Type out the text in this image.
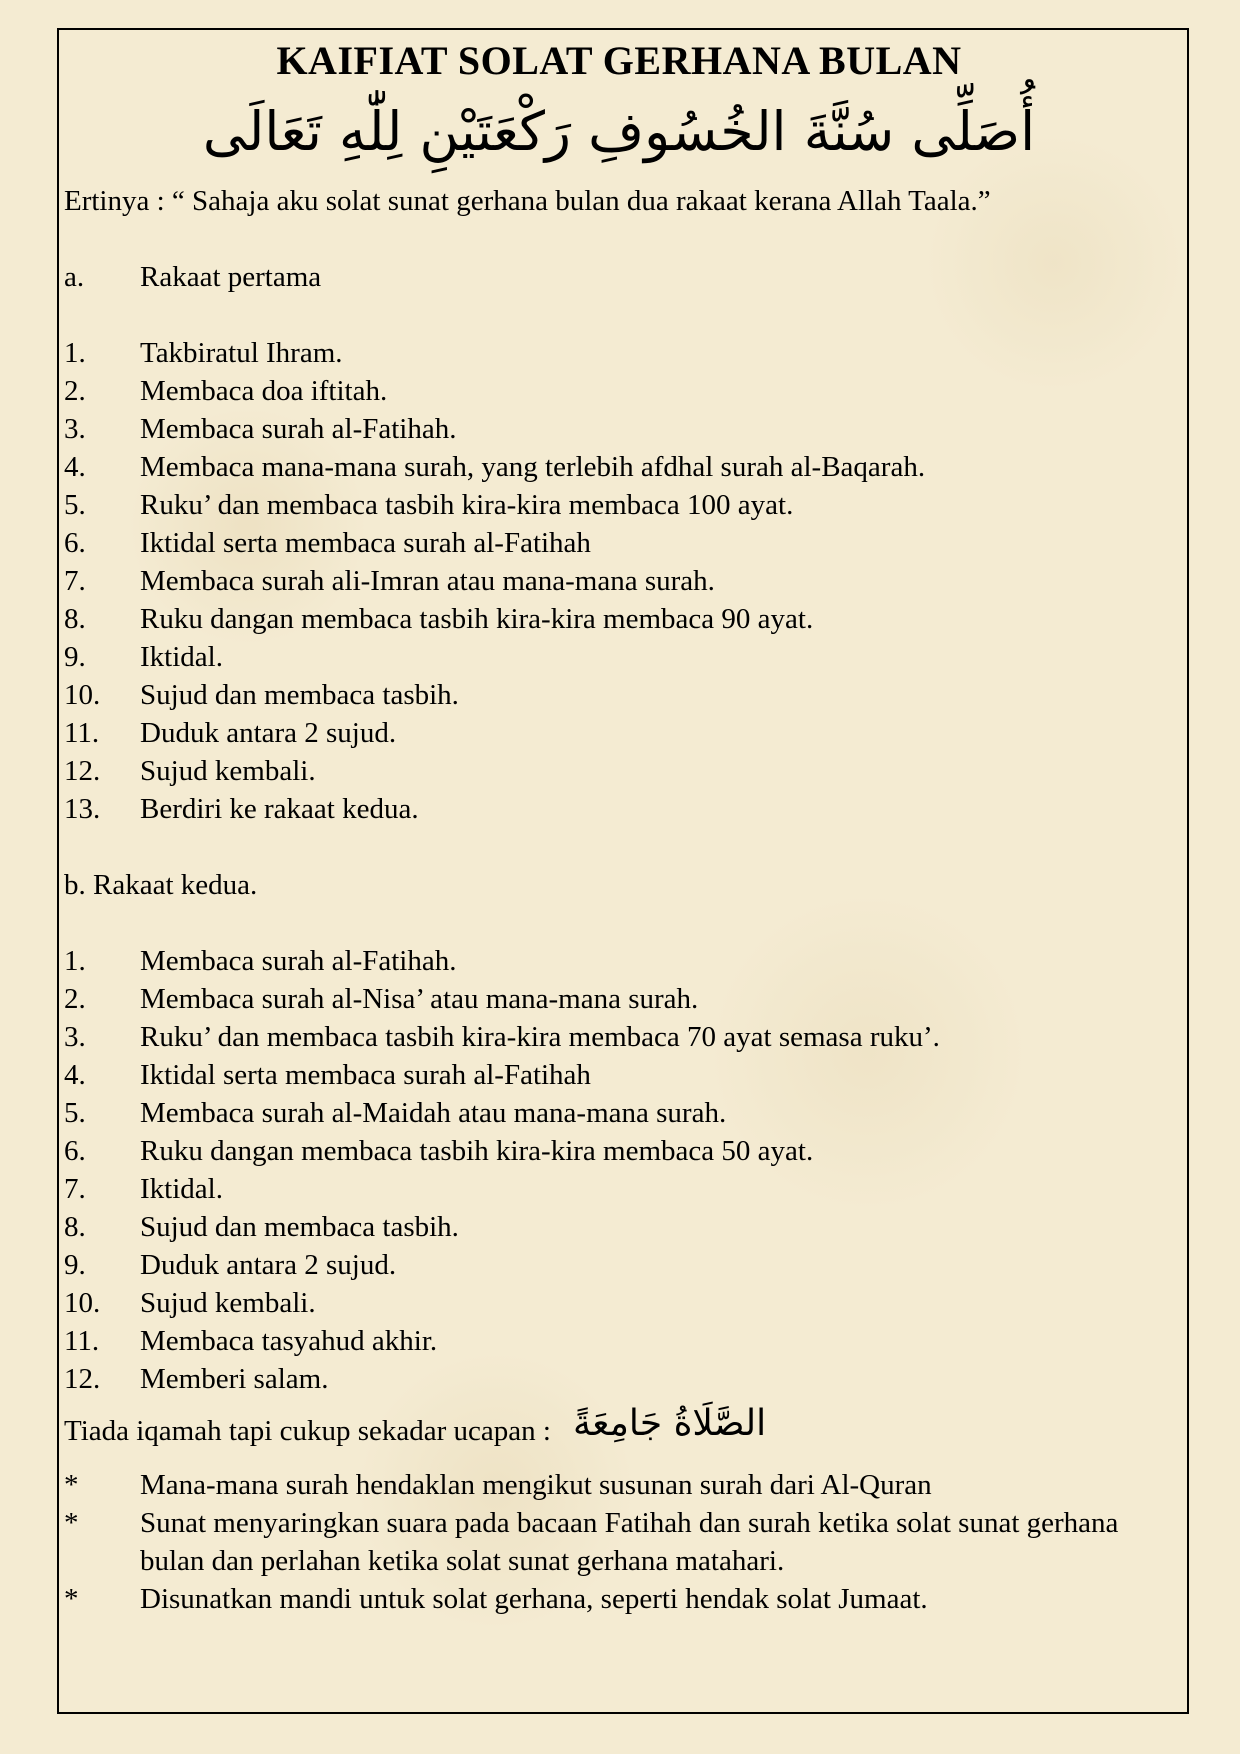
KAIFIAT SOLAT GERHANA BULAN
أُصَلِّى سُنَّةَ الخُسُوفِ رَكْعَتَيْنِ لِلّٰهِ تَعَالَى
Ertinya : “ Sahaja aku solat sunat gerhana bulan dua rakaat kerana Allah Taala.”
a.	Rakaat pertama
1.	Takbiratul Ihram.
2.	Membaca doa iftitah.
3.	Membaca surah al-Fatihah.
4.	Membaca mana-mana surah, yang terlebih afdhal surah al-Baqarah.
5.	Ruku’ dan membaca tasbih kira-kira membaca 100 ayat.
6.	Iktidal serta membaca surah al-Fatihah
7.	Membaca surah ali-Imran atau mana-mana surah.
8.	Ruku dangan membaca tasbih kira-kira membaca 90 ayat.
9.	Iktidal.
10.	Sujud dan membaca tasbih.
11.	Duduk antara 2 sujud.
12.	Sujud kembali.
13.	Berdiri ke rakaat kedua.
b. Rakaat kedua.
1.	Membaca surah al-Fatihah.
2.	Membaca surah al-Nisa’ atau mana-mana surah.
3.	Ruku’ dan membaca tasbih kira-kira membaca 70 ayat semasa ruku’.
4.	Iktidal serta membaca surah al-Fatihah
5.	Membaca surah al-Maidah atau mana-mana surah.
6.	Ruku dangan membaca tasbih kira-kira membaca 50 ayat.
7.	Iktidal.
8.	Sujud dan membaca tasbih.
9.	Duduk antara 2 sujud.
10.	Sujud kembali.
11.	Membaca tasyahud akhir.
12.	Memberi salam.
Tiada iqamah tapi cukup sekadar ucapan : الصَّلَاةُ جَامِعَةً
*	Mana-mana surah hendaklan mengikut susunan surah dari Al-Quran
*	Sunat menyaringkan suara pada bacaan Fatihah dan surah ketika solat sunat gerhana bulan dan perlahan ketika solat sunat gerhana matahari.
*	Disunatkan mandi untuk solat gerhana, seperti hendak solat Jumaat.
